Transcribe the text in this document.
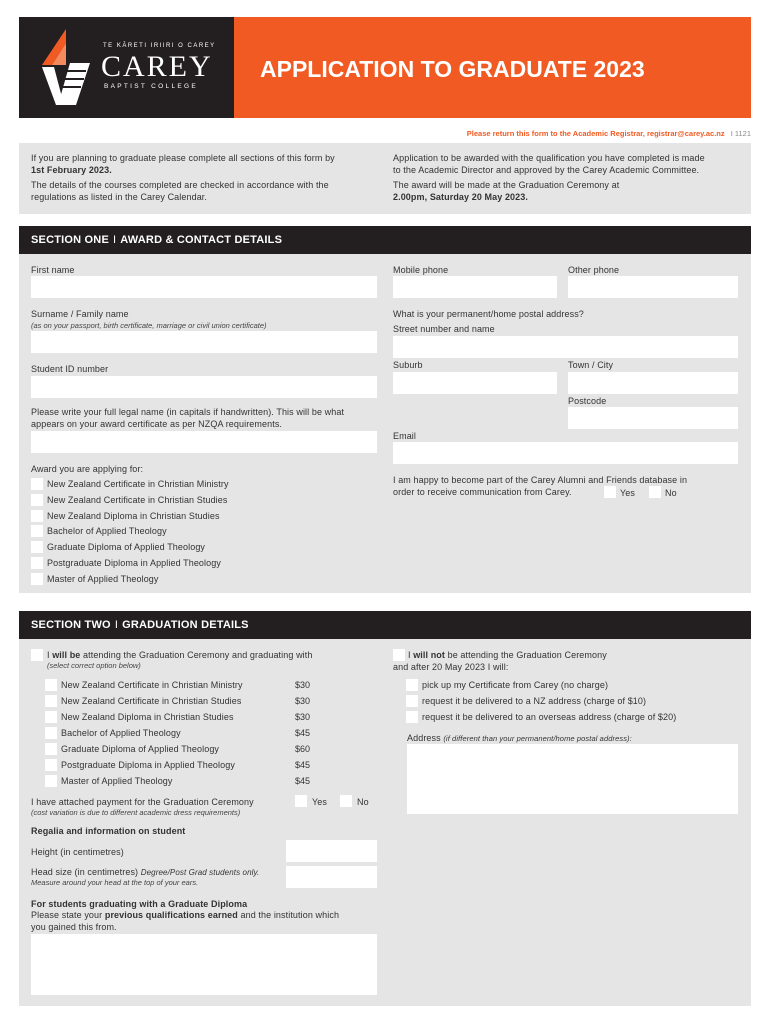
TE KĀRETI IRIIRI O CAREY
CAREY
BAPTIST COLLEGE
APPLICATION TO GRADUATE 2023
Please return this form to the Academic Registrar, registrar@carey.ac.nz I 1121
If you are planning to graduate please complete all sections of this form by
1st February 2023.
The details of the courses completed are checked in accordance with the
regulations as listed in the Carey Calendar.
Application to be awarded with the qualification you have completed is made
to the Academic Director and approved by the Carey Academic Committee.
The award will be made at the Graduation Ceremony at
2.00pm, Saturday 20 May 2023.
SECTION ONE I AWARD & CONTACT DETAILS
First name
Surname / Family name
(as on your passport, birth certificate, marriage or civil union certificate)
Student ID number
Please write your full legal name (in capitals if handwritten). This will be what
appears on your award certificate as per NZQA requirements.
Award you are applying for:
New Zealand Certificate in Christian Ministry
New Zealand Certificate in Christian Studies
New Zealand Diploma in Christian Studies
Bachelor of Applied Theology
Graduate Diploma of Applied Theology
Postgraduate Diploma in Applied Theology
Master of Applied Theology
Mobile phone	Other phone
What is your permanent/home postal address?
Street number and name
Suburb	Town / City
Postcode
Email
I am happy to become part of the Carey Alumni and Friends database in
order to receive communication from Carey.	Yes	No
SECTION TWO I GRADUATION DETAILS
I will be attending the Graduation Ceremony and graduating with
(select correct option below)
New Zealand Certificate in Christian Ministry	$30
New Zealand Certificate in Christian Studies	$30
New Zealand Diploma in Christian Studies	$30
Bachelor of Applied Theology	$45
Graduate Diploma of Applied Theology	$60
Postgraduate Diploma in Applied Theology	$45
Master of Applied Theology	$45
I have attached payment for the Graduation Ceremony
(cost variation is due to different academic dress requirements)
Yes	No
Regalia and information on student
Height (in centimetres)
Head size (in centimetres) Degree/Post Grad students only.
Measure around your head at the top of your ears.
For students graduating with a Graduate Diploma
Please state your previous qualifications earned and the institution which
you gained this from.
I will not be attending the Graduation Ceremony
and after 20 May 2023 I will:
pick up my Certificate from Carey (no charge)
request it be delivered to a NZ address (charge of $10)
request it be delivered to an overseas address (charge of $20)
Address (if different than your permanent/home postal address):
